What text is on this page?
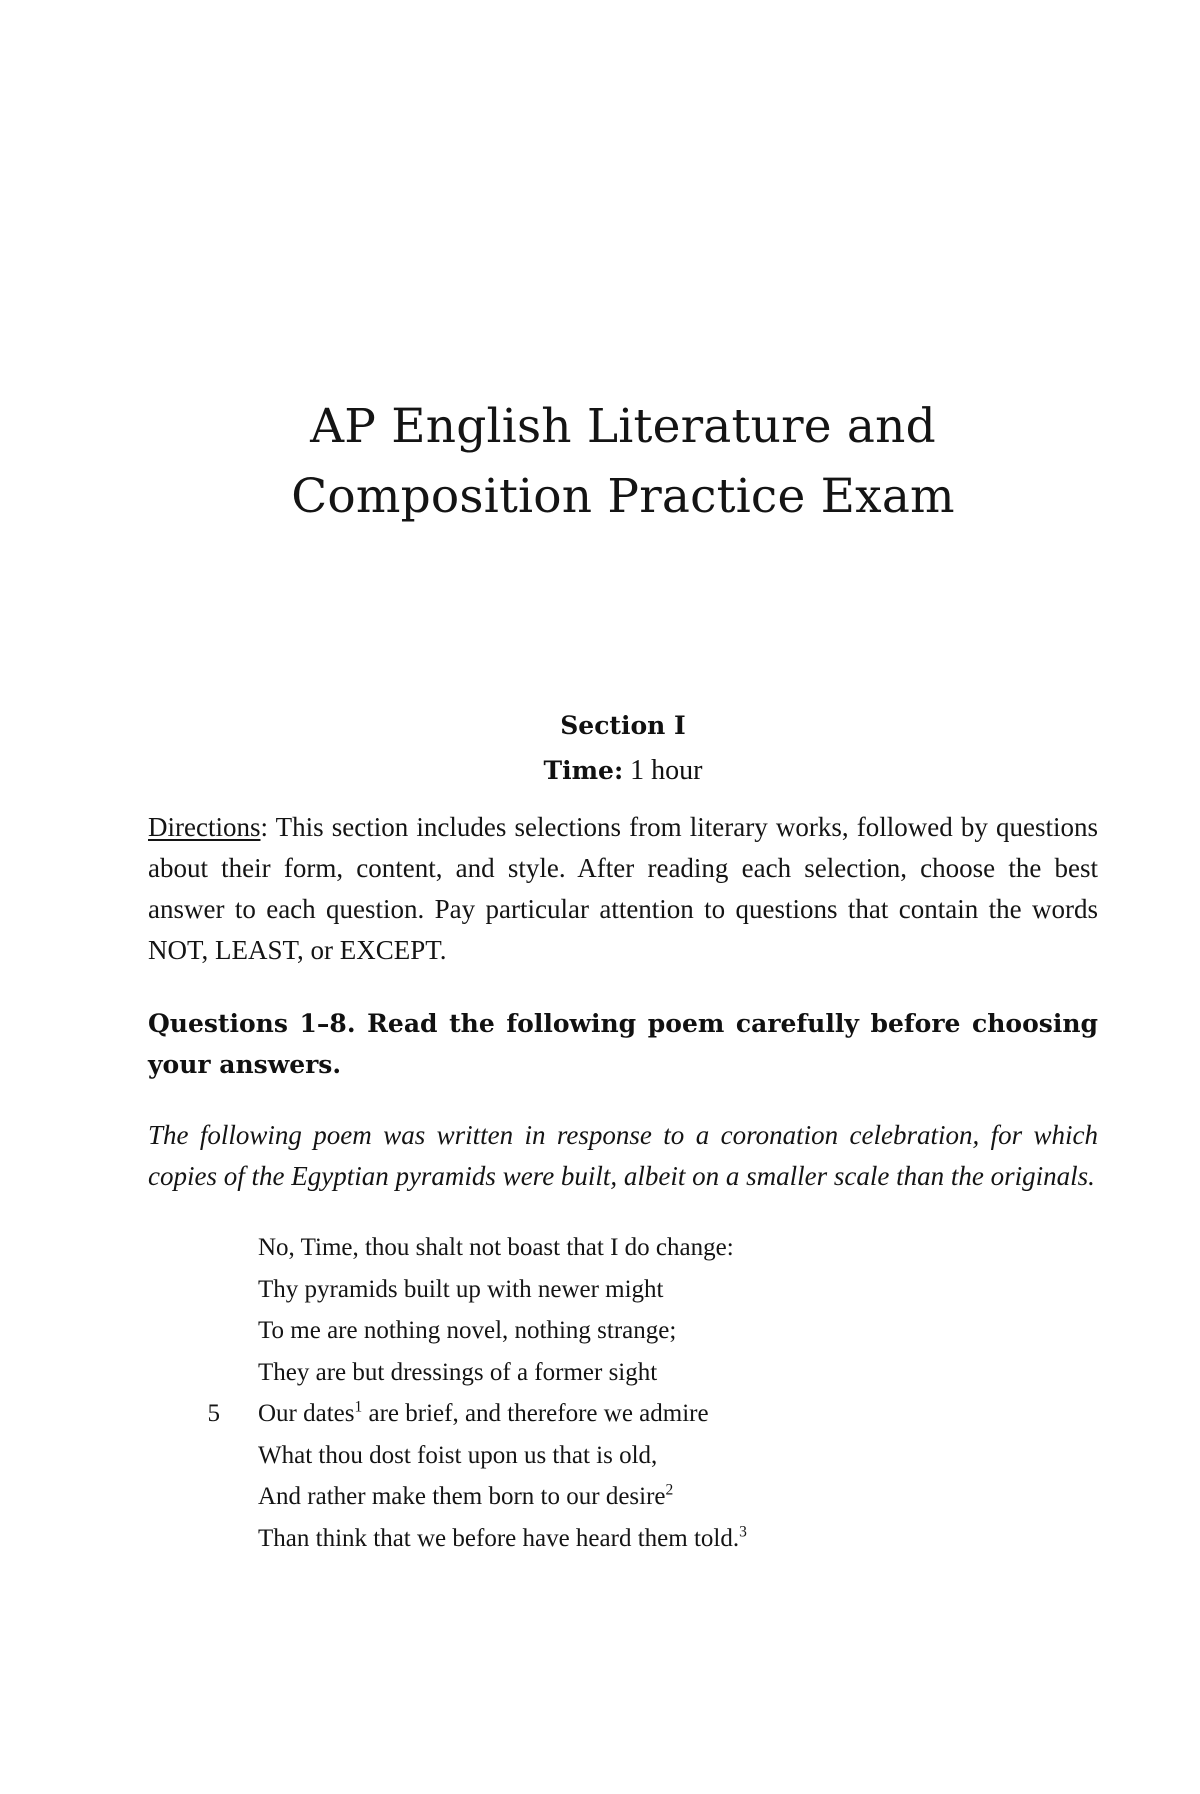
AP English Literature and
Composition Practice Exam
Section I
Time: 1 hour

Directions: This section includes selections from literary works, followed by questions about their form, content, and style. After reading each selection, choose the best answer to each question. Pay particular attention to questions that contain the words NOT, LEAST, or EXCEPT.

Questions 1–8. Read the following poem carefully before choosing your answers.

The following poem was written in response to a coronation celebration, for which copies of the Egyptian pyramids were built, albeit on a smaller scale than the originals.

No, Time, thou shalt not boast that I do change:
Thy pyramids built up with newer might
To me are nothing novel, nothing strange;
They are but dressings of a former sight
5 Our dates$^1$ are brief, and therefore we admire
What thou dost foist upon us that is old,
And rather make them born to our desire$^2$
Than think that we before have heard them told.$^3$
